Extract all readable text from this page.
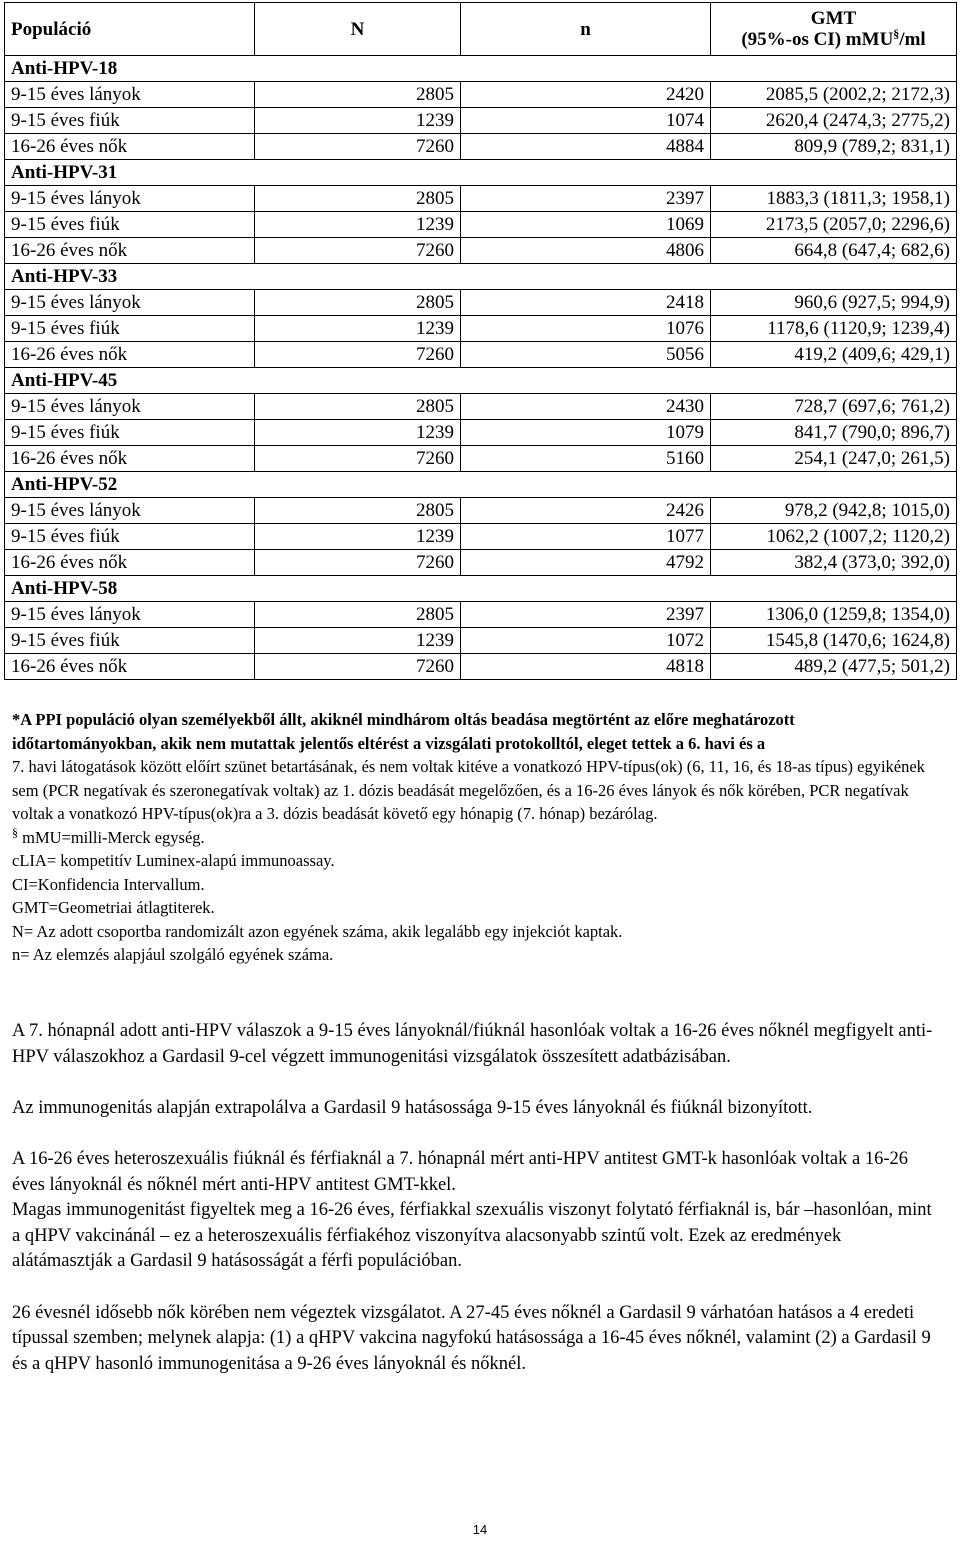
Populáció	N	n	GMT
(95%-os CI) mMU§/ml

Anti-HPV-18			
9-15 éves lányok	2805	2420	2085,5 (2002,2; 2172,3)
9-15 éves fiúk	1239	1074	2620,4 (2474,3; 2775,2)
16-26 éves nők	7260	4884	809,9 (789,2; 831,1)
Anti-HPV-31			
9-15 éves lányok	2805	2397	1883,3 (1811,3; 1958,1)
9-15 éves fiúk	1239	1069	2173,5 (2057,0; 2296,6)
16-26 éves nők	7260	4806	664,8 (647,4; 682,6)
Anti-HPV-33			
9-15 éves lányok	2805	2418	960,6 (927,5; 994,9)
9-15 éves fiúk	1239	1076	1178,6 (1120,9; 1239,4)
16-26 éves nők	7260	5056	419,2 (409,6; 429,1)
Anti-HPV-45			
9-15 éves lányok	2805	2430	728,7 (697,6; 761,2)
9-15 éves fiúk	1239	1079	841,7 (790,0; 896,7)
16-26 éves nők	7260	5160	254,1 (247,0; 261,5)
Anti-HPV-52			
9-15 éves lányok	2805	2426	978,2 (942,8; 1015,0)
9-15 éves fiúk	1239	1077	1062,2 (1007,2; 1120,2)
16-26 éves nők	7260	4792	382,4 (373,0; 392,0)
Anti-HPV-58			
9-15 éves lányok	2805	2397	1306,0 (1259,8; 1354,0)
9-15 éves fiúk	1239	1072	1545,8 (1470,6; 1624,8)
16-26 éves nők	7260	4818	489,2 (477,5; 501,2)

*A PPI populáció olyan személyekből állt, akiknél mindhárom oltás beadása megtörtént az előre meghatározott időtartományokban, akik nem mutattak jelentős eltérést a vizsgálati protokolltól, eleget tettek a 6. havi és a
7. havi látogatások között előírt szünet betartásának, és nem voltak kitéve a vonatkozó HPV-típus(ok) (6, 11, 16, és 18-as típus) egyikének sem (PCR negatívak és szeronegatívak voltak) az 1. dózis beadását megelőzően, és a 16-26 éves lányok és nők körében, PCR negatívak voltak a vonatkozó HPV-típus(ok)ra a 3. dózis beadását követő egy hónapig (7. hónap) bezárólag.

§ mMU=milli-Merck egység.

cLIA= kompetitív Luminex-alapú immunoassay.

CI=Konfidencia Intervallum.

GMT=Geometriai átlagtiterek.

N= Az adott csoportba randomizált azon egyének száma, akik legalább egy injekciót kaptak.

n= Az elemzés alapjául szolgáló egyének száma.

A 7. hónapnál adott anti-HPV válaszok a 9-15 éves lányoknál/fiúknál hasonlóak voltak a 16-26 éves nőknél megfigyelt anti-HPV válaszokhoz a Gardasil 9-cel végzett immunogenitási vizsgálatok összesített adatbázisában.

Az immunogenitás alapján extrapolálva a Gardasil 9 hatásossága 9-15 éves lányoknál és fiúknál bizonyított.

A 16-26 éves heteroszexuális fiúknál és férfiaknál a 7. hónapnál mért anti-HPV antitest GMT-k hasonlóak voltak a 16-26 éves lányoknál és nőknél mért anti-HPV antitest GMT-kkel.

Magas immunogenitást figyeltek meg a 16-26 éves, férfiakkal szexuális viszonyt folytató férfiaknál is, bár –hasonlóan, mint a qHPV vakcinánál – ez a heteroszexuális férfiakéhoz viszonyítva alacsonyabb szintű volt. Ezek az eredmények alátámasztják a Gardasil 9 hatásosságát a férfi populációban.

26 évesnél idősebb nők körében nem végeztek vizsgálatot. A 27-45 éves nőknél a Gardasil 9 várhatóan hatásos a 4 eredeti típussal szemben; melynek alapja: (1) a qHPV vakcina nagyfokú hatásossága a 16-45 éves nőknél, valamint (2) a Gardasil 9 és a qHPV hasonló immunogenitása a 9-26 éves lányoknál és nőknél.

14
